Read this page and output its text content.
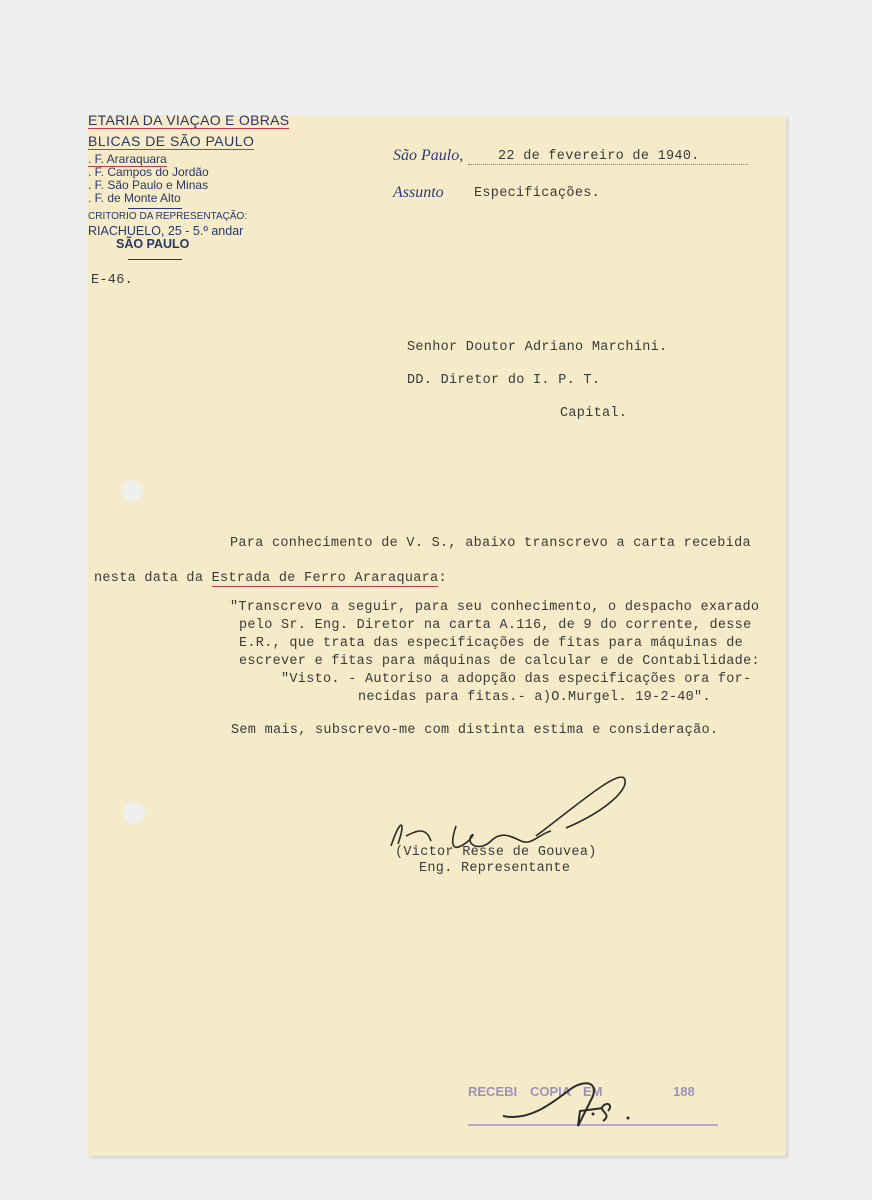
ETARIA DA VIAÇAO E OBRAS
BLICAS DE SÃO PAULO
. F. Araraquara
. F. Campos do Jordão
. F. São Paulo e Minas
. F. de Monte Alto
CRITORIO DA REPRESENTAÇÃO:
RIACHUELO, 25 - 5.º andar
SÃO PAULO
E-46.
São Paulo,	22 de fevereiro de 1940.
Assunto Especificações.
Senhor Doutor Adriano Marchini.
DD. Diretor do I. P. T.
Capital.
Para conhecimento de V. S., abaixo transcrevo a carta recebida
nesta data da Estrada de Ferro Araraquara:
"Transcrevo a seguir, para seu conhecimento, o despacho exarado
pelo Sr. Eng. Diretor na carta A.116, de 9 do corrente, desse
E.R., que trata das especificações de fitas para máquinas de
escrever e fitas para máquinas de calcular e de Contabilidade:
"Visto. - Autoriso a adopção das especificações ora for-
necidas para fitas.- a)O.Murgel. 19-2-40".
Sem mais, subscrevo-me com distinta estima e consideração.
(Victor Resse de Gouvea)
Eng. Representante
RECEBI COPIA EM	188
